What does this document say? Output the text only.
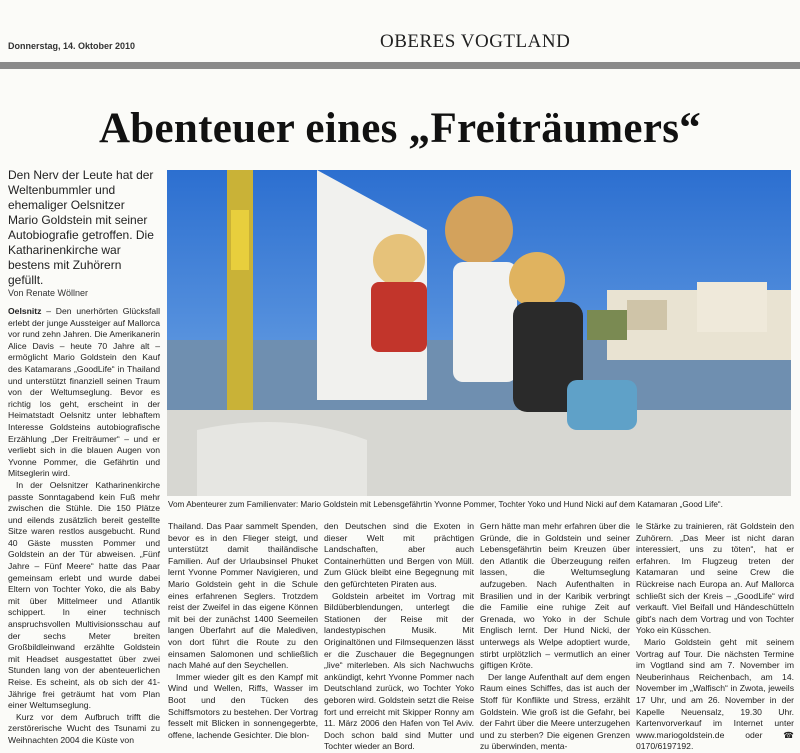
Donnerstag, 14. Oktober 2010	OBERES VOGTLAND
Abenteuer eines „Freiträumers“
Den Nerv der Leute hat der Weltenbummler und ehemaliger Oelsnitzer Mario Goldstein mit seiner Autobiografie getroffen. Die Katharinenkirche war bestens mit Zuhörern gefüllt.
Von Renate Wöllner
Vom Abenteurer zum Familienvater: Mario Goldstein mit Lebensgefährtin Yvonne Pommer, Tochter Yoko und Hund Nicki auf dem Katamaran „Good Life“.

Oelsnitz – Den unerhörten Glücksfall erlebt der junge Aussteiger auf Mallorca vor rund zehn Jahren. Die Amerikanerin Alice Davis – heute 70 Jahre alt – ermöglicht Mario Goldstein den Kauf des Katamarans „GoodLife“ in Thailand und unterstützt finanziell seinen Traum von der Weltumseglung. Bevor es richtig los geht, erscheint in der Heimatstadt Oelsnitz unter lebhaftem Interesse Goldsteins autobiografische Erzählung „Der Freiträumer“ – und er verliebt sich in die blauen Augen von Yvonne Pommer, die Gefährtin und Mitseglerin wird.

In der Oelsnitzer Katharinenkirche passte Sonntagabend kein Fuß mehr zwischen die Stühle. Die 150 Plätze und eilends zusätzlich bereit gestellte Sitze waren restlos ausgebucht. Rund 40 Gäste mussten Pommer und Goldstein an der Tür abweisen. „Fünf Jahre – Fünf Meere“ hatte das Paar gemeinsam erlebt und wurde dabei Eltern von Tochter Yoko, die als Baby mit über Mittelmeer und Atlantik schippert. In einer technisch anspruchsvollen Multivisionsschau auf der sechs Meter breiten Großbildleinwand erzählte Goldstein mit Headset ausgestattet über zwei Stunden lang von der abenteuerlichen Reise. Es scheint, als ob sich der 41-Jährige frei geträumt hat vom Plan einer Weltumseglung.

Kurz vor dem Aufbruch trifft die zerstörerische Wucht des Tsunami zu Weihnachten 2004 die Küste von

Thailand. Das Paar sammelt Spenden, bevor es in den Flieger steigt, und unterstützt damit thailändische Familien. Auf der Urlaubsinsel Phuket lernt Yvonne Pommer Navigieren, und Mario Goldstein geht in die Schule eines erfahrenen Seglers. Trotzdem reist der Zweifel in das eigene Können mit bei der zunächst 1400 Seemeilen langen Überfahrt auf die Malediven, von dort führt die Route zu den einsamen Salomonen und schließlich nach Mahé auf den Seychellen.

Immer wieder gilt es den Kampf mit Wind und Wellen, Riffs, Wasser im Boot und den Tücken des Schiffsmotors zu bestehen. Der Vortrag fesselt mit Blicken in sonnengegerbte, offene, lachende Gesichter. Die blon-

den Deutschen sind die Exoten in dieser Welt mit prächtigen Landschaften, aber auch Containerhütten und Bergen von Müll. Zum Glück bleibt eine Begegnung mit den gefürchteten Piraten aus.

Goldstein arbeitet im Vortrag mit Bildüberblendungen, unterlegt die Stationen der Reise mit der landestypischen Musik. Mit Originaltönen und Filmsequenzen lässt er die Zuschauer die Begegnungen „live“ miterleben. Als sich Nachwuchs ankündigt, kehrt Yvonne Pommer nach Deutschland zurück, wo Tochter Yoko geboren wird. Goldstein setzt die Reise fort und erreicht mit Skipper Ronny am 11. März 2006 den Hafen von Tel Aviv. Doch schon bald sind Mutter und Tochter wieder an Bord.

Gern hätte man mehr erfahren über die Gründe, die in Goldstein und seiner Lebensgefährtin beim Kreuzen über den Atlantik die Überzeugung reifen lassen, die Weltumseglung aufzugeben. Nach Aufenthalten in Brasilien und in der Karibik verbringt die Familie eine ruhige Zeit auf Grenada, wo Yoko in der Schule Englisch lernt. Der Hund Nicki, der unterwegs als Welpe adoptiert wurde, stirbt urplötzlich – vermutlich an einer giftigen Kröte.

Der lange Aufenthalt auf dem engen Raum eines Schiffes, das ist auch der Stoff für Konflikte und Stress, erzählt Goldstein. Wie groß ist die Gefahr, bei der Fahrt über die Meere unterzugehen und zu sterben? Die eigenen Grenzen zu überwinden, menta-

le Stärke zu trainieren, rät Goldstein den Zuhörern. „Das Meer ist nicht daran interessiert, uns zu töten“, hat er erfahren. Im Flugzeug treten der Katamaran und seine Crew die Rückreise nach Europa an. Auf Mallorca schließt sich der Kreis – „GoodLife“ wird verkauft. Viel Beifall und Händeschütteln gibt's nach dem Vortrag und von Tochter Yoko ein Küsschen.

Mario Goldstein geht mit seinem Vortrag auf Tour. Die nächsten Termine im Vogtland sind am 7. November im Neuberinhaus Reichenbach, am 14. November im „Walfisch“ in Zwota, jeweils 17 Uhr, und am 26. November in der Kapelle Neuensalz, 19.30 Uhr. Kartenvorverkauf im Internet unter www.mariogoldstein.de oder ☎ 0170/6197192.
